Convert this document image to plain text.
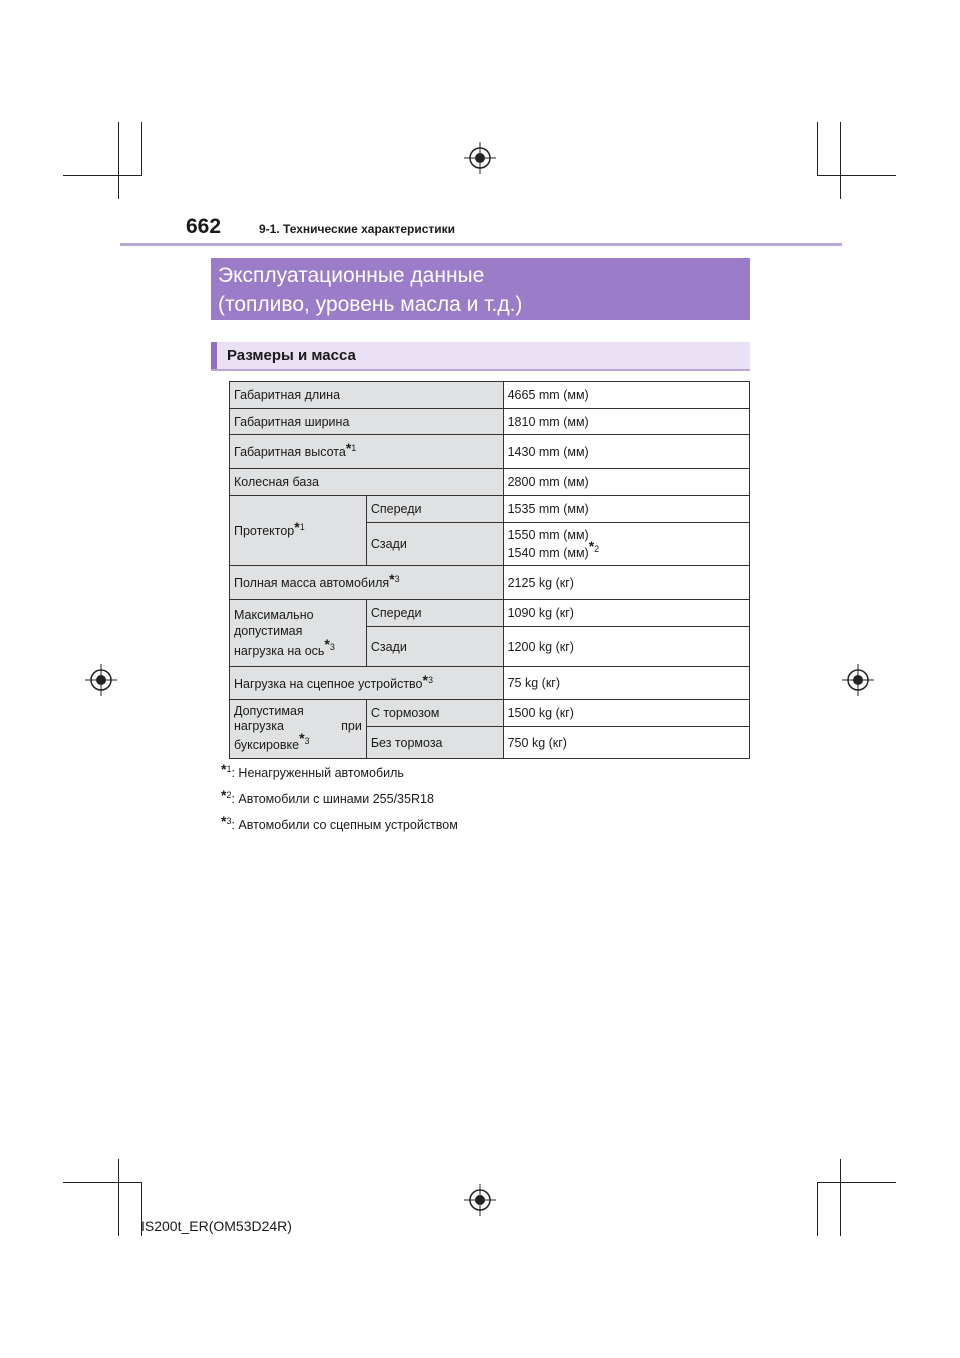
662	9-1. Технические характеристики
Эксплуатационные данные
(топливо, уровень масла и т.д.)
Размеры и масса
Габаритная длина		4665 mm (мм)
Габаритная ширина		1810 mm (мм)
Габаритная высота*$^1$		1430 mm (мм)
Колесная база		2800 mm (мм)
Протектор*$^1$	Спереди	1535 mm (мм)
	Сзади	1550 mm (мм)
1540 mm (мм)*$^2$

Полная масса автомобиля*$^3$		2125 kg (кг)

Максимально
допустимая
нагрузка на ось*$^3$	Спереди	1090 kg (кг)
	Сзади	1200 kg (кг)
Нагрузка на сцепное устройство*$^3$		75 kg (кг)

Допустимая
нагрузка при
буксировке*$^3$	С тормозом	1500 kg (кг)
	Без тормоза	750 kg (кг)
*$^1$: Ненагруженный автомобиль
*$^2$: Автомобили с шинами 255/35R18
*$^3$: Автомобили со сцепным устройством
IS200t_ER(OM53D24R)
